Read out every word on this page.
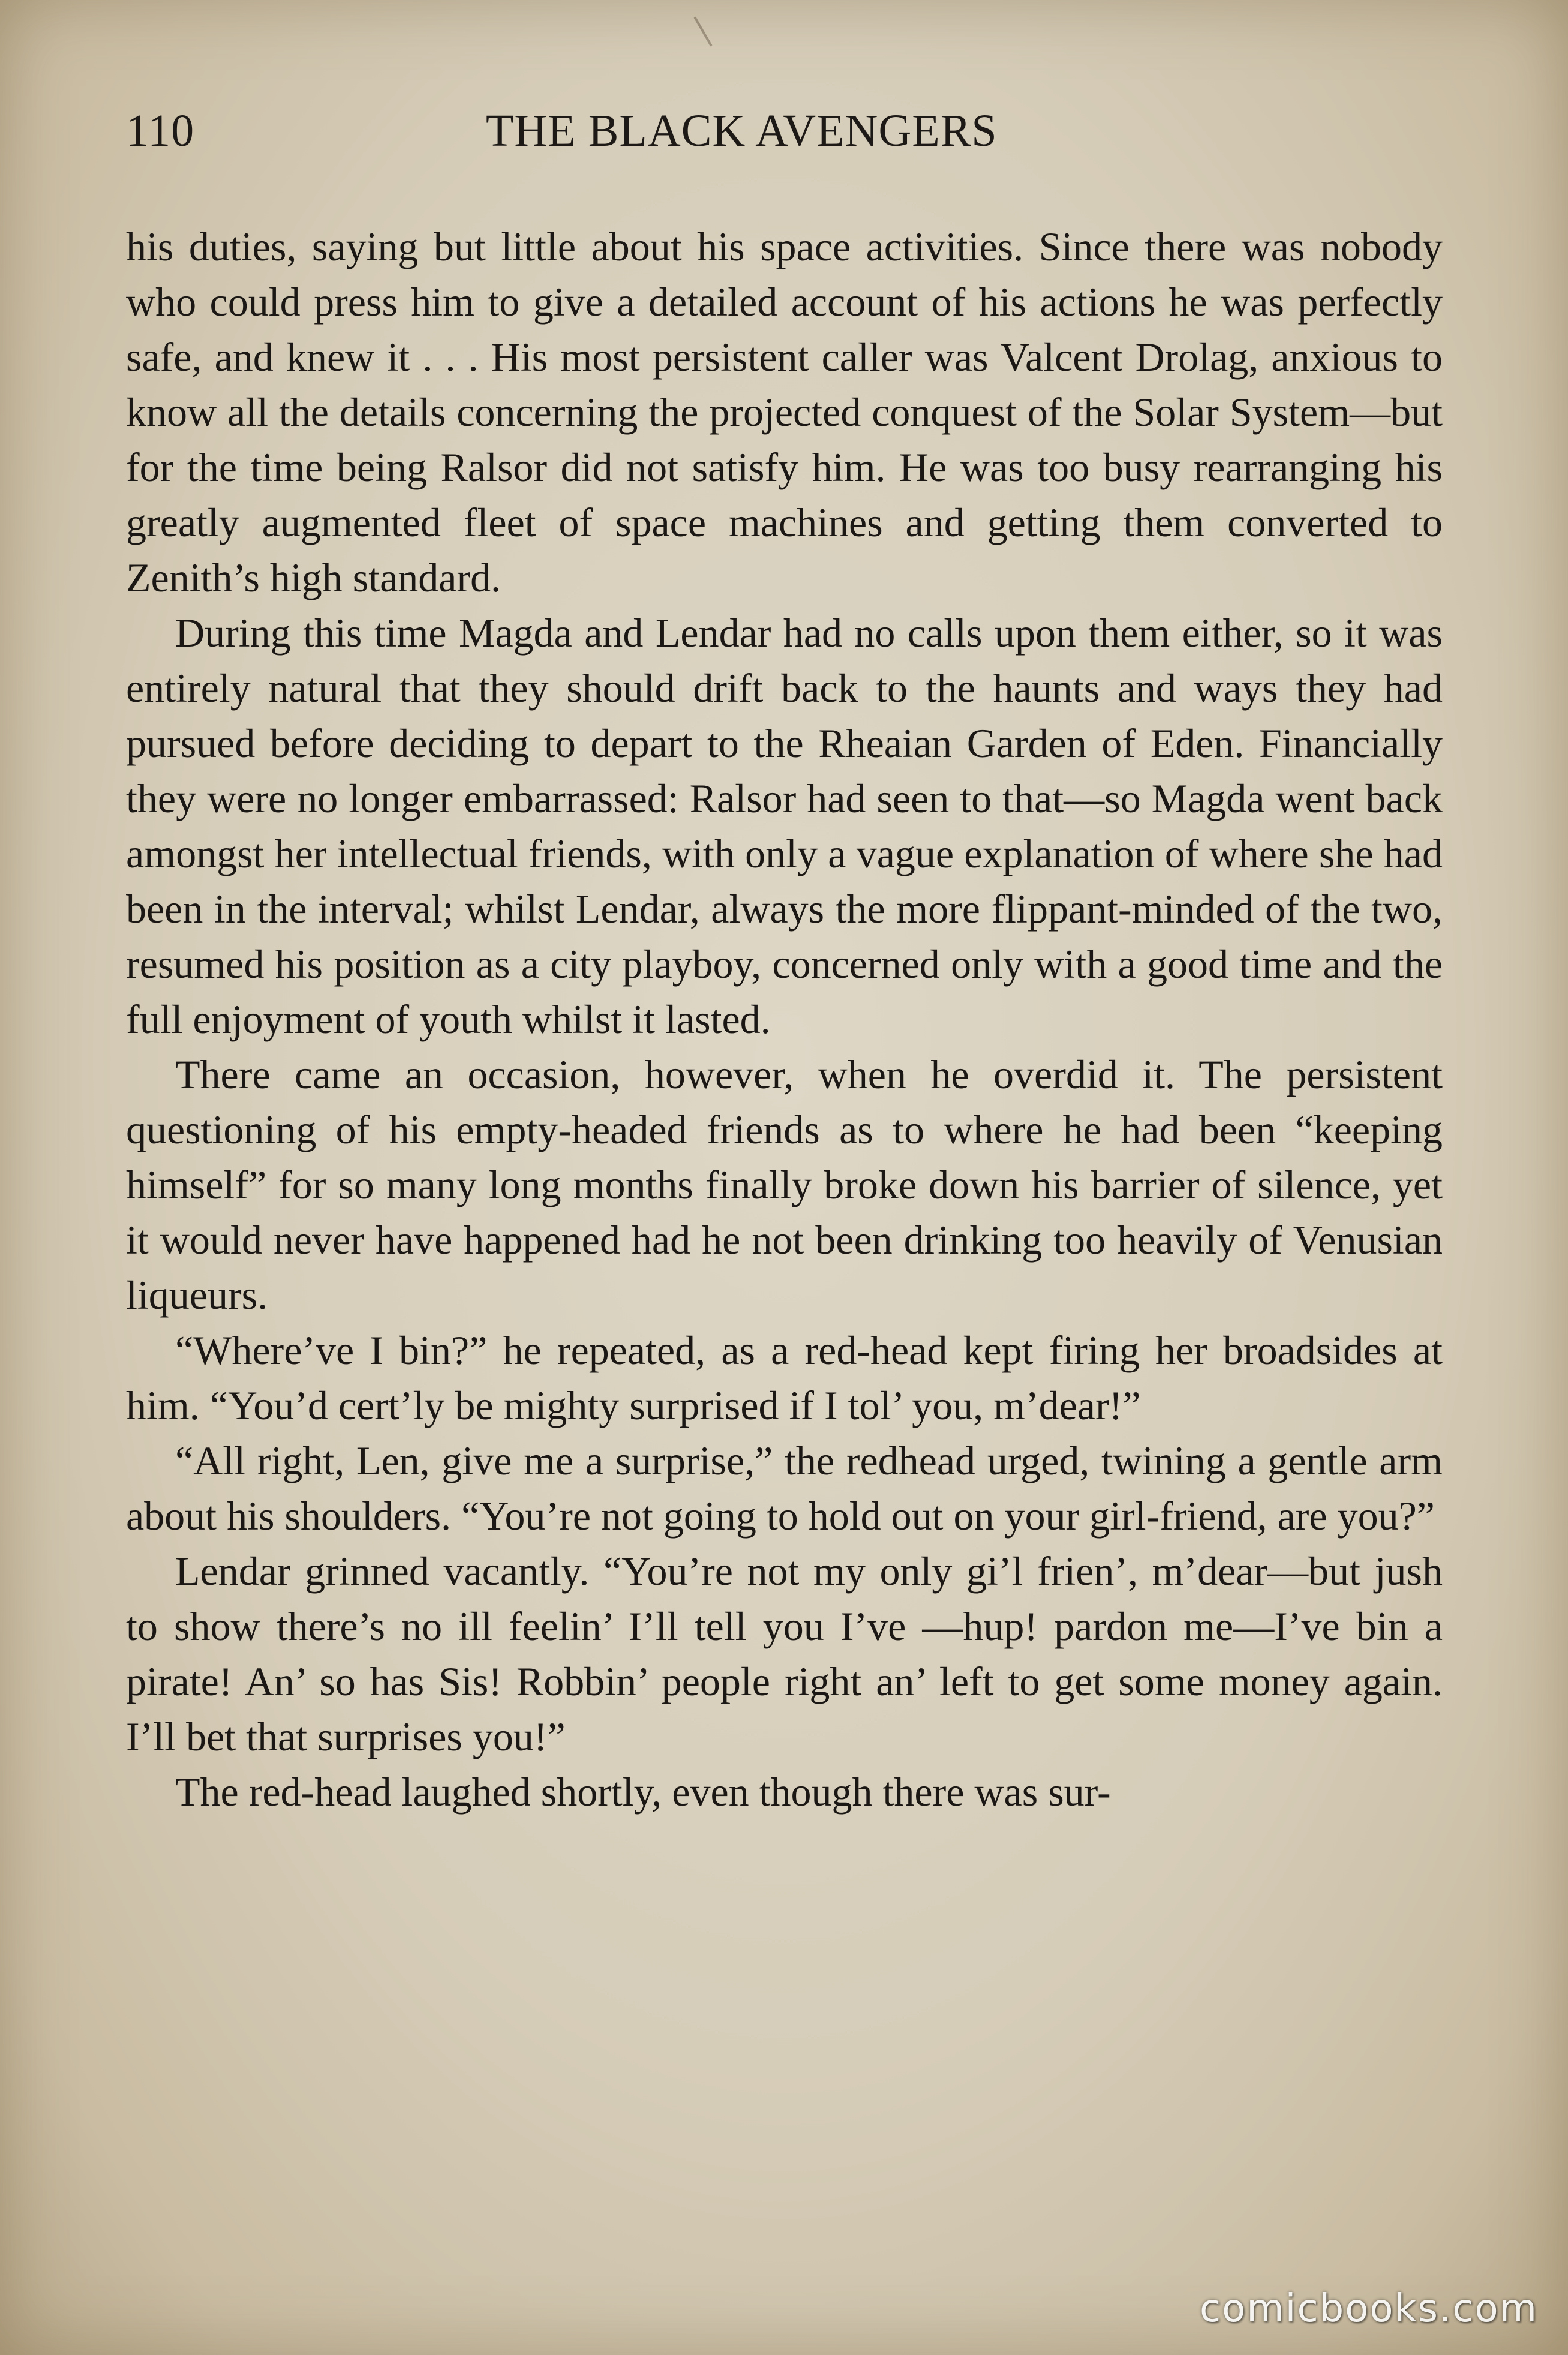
110	THE BLACK AVENGERS

his duties, saying but little about his space activities. Since there was nobody who could press him to give a detailed account of his actions he was perfectly safe, and knew it . . . His most persistent caller was Valcent Drolag, anxious to know all the details concerning the projected conquest of the Solar System—but for the time being Ralsor did not satisfy him. He was too busy rearranging his greatly augmented fleet of space machines and getting them converted to Zenith’s high standard.

During this time Magda and Lendar had no calls upon them either, so it was entirely natural that they should drift back to the haunts and ways they had pursued before deciding to depart to the Rheaian Garden of Eden. Financially they were no longer embarrassed: Ralsor had seen to that—so Magda went back amongst her intellectual friends, with only a vague explanation of where she had been in the interval; whilst Lendar, always the more flippant-minded of the two, resumed his position as a city playboy, concerned only with a good time and the full enjoyment of youth whilst it lasted.

There came an occasion, however, when he overdid it. The persistent questioning of his empty-headed friends as to where he had been “keeping himself” for so many long months finally broke down his barrier of silence, yet it would never have happened had he not been drinking too heavily of Venusian liqueurs.

“Where’ve I bin?” he repeated, as a red-head kept firing her broadsides at him. “You’d cert’ly be mighty surprised if I tol’ you, m’dear!”

“All right, Len, give me a surprise,” the redhead urged, twining a gentle arm about his shoulders. “You’re not going to hold out on your girl-friend, are you?”

Lendar grinned vacantly. “You’re not my only gi’l frien’, m’dear—but jush to show there’s no ill feelin’ I’ll tell you I’ve —hup! pardon me—I’ve bin a pirate! An’ so has Sis! Robbin’ people right an’ left to get some money again. I’ll bet that surprises you!”

The red-head laughed shortly, even though there was sur-

comicbooks.com
